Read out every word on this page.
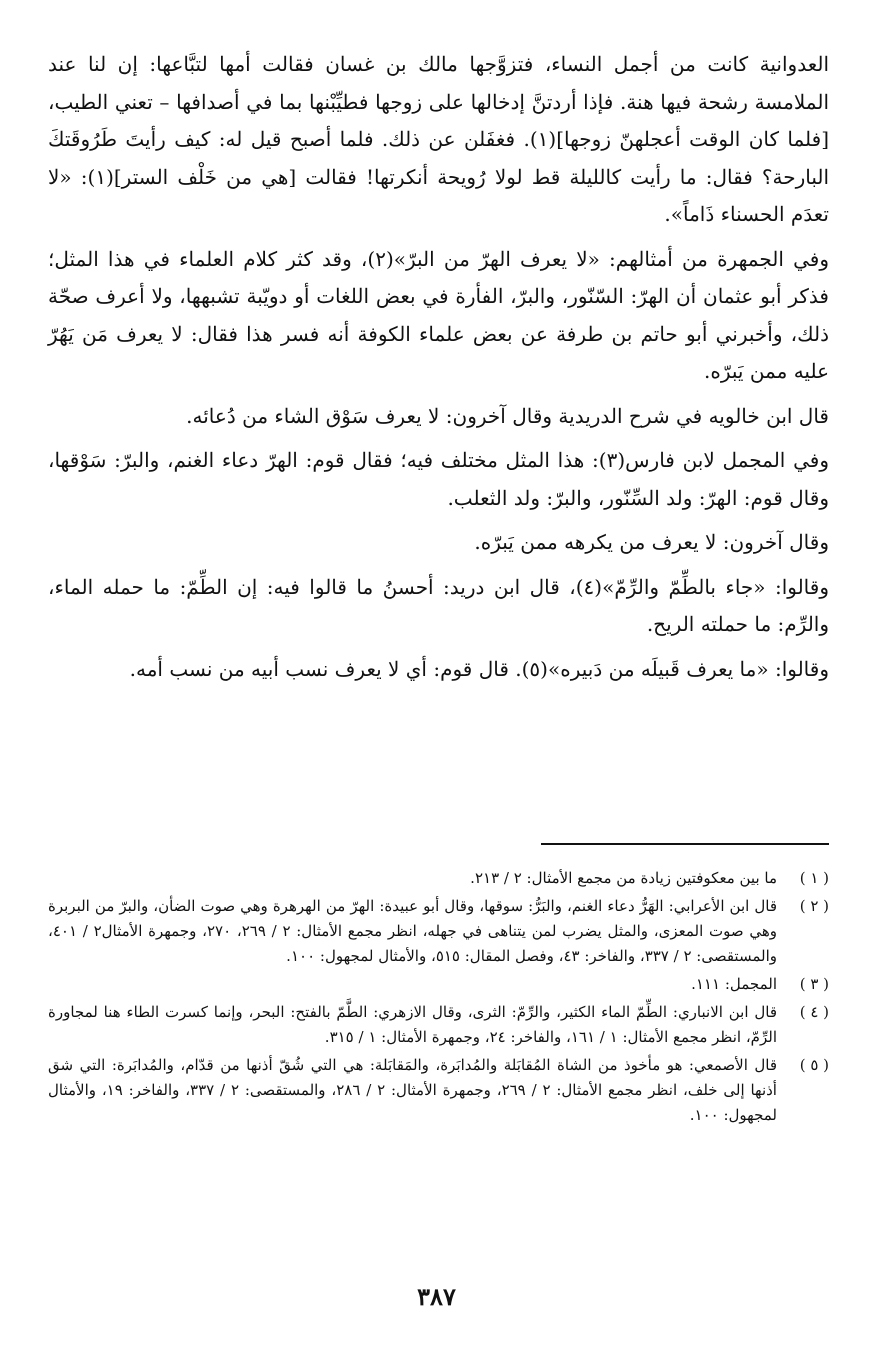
العدوانية كانت من أجمل النساء، فتزوَّجها مالك بن غسان فقالت أمها لتبَّاعها: إن لنا عند الملامسة رشحة فيها هنة. فإذا أردتنَّ إدخالها على زوجها فطيِّبْنها بما في أصدافها – تعني الطيب، [فلما كان الوقت أعجلهنّ زوجها](١). فغفَلن عن ذلك. فلما أصبح قيل له: كيف رأيتَ طَرُوقَتكَ البارحة؟ فقال: ما رأيت كالليلة قط لولا رُويحة أنكرتها! فقالت [هي من خَلْف الستر](١): «لا تعدَم الحسناء ذَاماً».

وفي الجمهرة من أمثالهم: «لا يعرف الهرّ من البرّ»(٢)، وقد كثر كلام العلماء في هذا المثل؛ فذكر أبو عثمان أن الهرّ: السّنّور، والبرّ، الفأرة في بعض اللغات أو دويّبة تشبهها، ولا أعرف صحّة ذلك، وأخبرني أبو حاتم بن طرفة عن بعض علماء الكوفة أنه فسر هذا فقال: لا يعرف مَن يَهُرّ عليه ممن يَبرّه.

قال ابن خالويه في شرح الدريدية وقال آخرون: لا يعرف سَوْق الشاء من دُعائه.

وفي المجمل لابن فارس(٣): هذا المثل مختلف فيه؛ فقال قوم: الهرّ دعاء الغنم، والبرّ: سَوْقها، وقال قوم: الهرّ: ولد السِّنّور، والبرّ: ولد الثعلب.

وقال آخرون: لا يعرف من يكرهه ممن يَبرّه.

وقالوا: «جاء بالطِّمّ والرِّمّ»(٤)، قال ابن دريد: أحسنُ ما قالوا فيه: إن الطِّمّ: ما حمله الماء، والرِّم: ما حملته الريح.

وقالوا: «ما يعرف قَبيلَه من دَبيره»(٥). قال قوم: أي لا يعرف نسب أبيه من نسب أمه.

( ١ )
ما بين معكوفتين زيادة من مجمع الأمثال: ٢ / ٢١٣.
( ٢ )
قال ابن الأعرابي: الهَرُّ دعاء الغنم، والبَرُّ: سوقها، وقال أبو عبيدة: الهرّ من الهرهرة وهي صوت الضأن، والبرّ من البربرة وهي صوت المعزى، والمثل يضرب لمن يتناهى في جهله، انظر مجمع الأمثال: ٢ / ٢٦٩، ٢٧٠، وجمهرة الأمثال٢ / ٤٠١، والمستقصى: ٢ / ٣٣٧، والفاخر: ٤٣، وفصل المقال: ٥١٥، والأمثال لمجهول: ١٠٠.
( ٣ )
المجمل: ١١١.
( ٤ )
قال ابن الانباري: الطِّمّ الماء الكثير، والرِّمّ: الثرى، وقال الازهري: الطَّمّ بالفتح: البحر، وإنما كسرت الطاء هنا لمجاورة الرِّمّ، انظر مجمع الأمثال: ١ / ١٦١، والفاخر: ٢٤، وجمهرة الأمثال: ١ / ٣١٥.
( ٥ )
قال الأصمعي: هو مأخوذ من الشاة المُقابَلة والمُدابَرة، والمَقابَلة: هي التي شُقّ أذنها من قدّام، والمُدابَرة: التي شق أذنها إلى خلف، انظر مجمع الأمثال: ٢ / ٢٦٩، وجمهرة الأمثال: ٢ / ٢٨٦، والمستقصى: ٢ / ٣٣٧، والفاخر: ١٩، والأمثال لمجهول: ١٠٠.
٣٨٧
